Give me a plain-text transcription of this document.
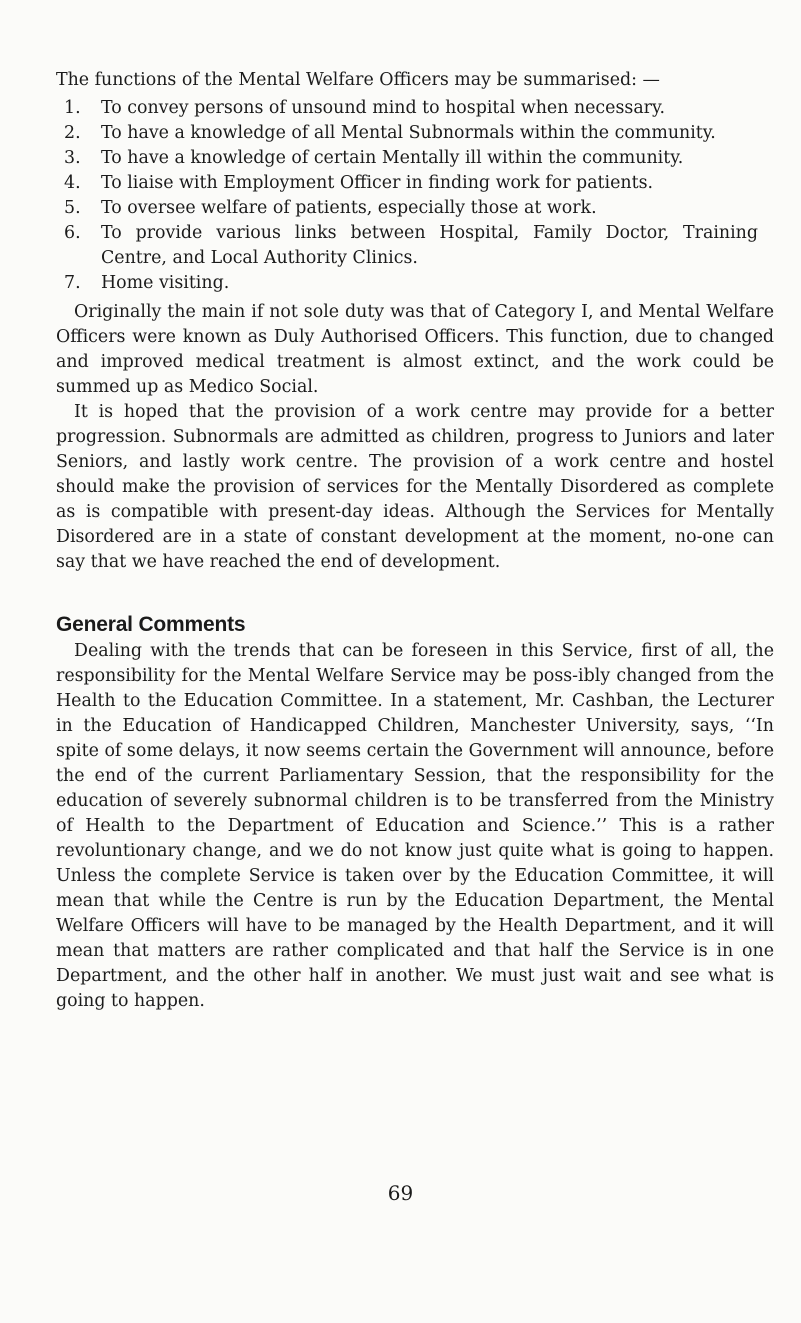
The functions of the Mental Welfare Officers may be summarised: —

1. To convey persons of unsound mind to hospital when necessary.
2. To have a knowledge of all Mental Subnormals within the community.
3. To have a knowledge of certain Mentally ill within the community.
4. To liaise with Employment Officer in finding work for patients.
5. To oversee welfare of patients, especially those at work.
6. To provide various links between Hospital, Family Doctor, Training Centre, and Local Authority Clinics.
7. Home visiting.

Originally the main if not sole duty was that of Category I, and Mental Welfare Officers were known as Duly Authorised Officers. This function, due to changed and improved medical treatment is almost extinct, and the work could be summed up as Medico Social.

It is hoped that the provision of a work centre may provide for a better progression. Subnormals are admitted as children, progress to Juniors and later Seniors, and lastly work centre. The provision of a work centre and hostel should make the provision of services for the Mentally Disordered as complete as is compatible with present-day ideas. Although the Services for Mentally Disordered are in a state of constant development at the moment, no-one can say that we have reached the end of development.

General Comments

Dealing with the trends that can be foreseen in this Service, first of all, the responsibility for the Mental Welfare Service may be poss-ibly changed from the Health to the Education Committee. In a statement, Mr. Cashban, the Lecturer in the Education of Handicapped Children, Manchester University, says, ‘‘In spite of some delays, it now seems certain the Government will announce, before the end of the current Parliamentary Session, that the responsibility for the education of severely subnormal children is to be transferred from the Ministry of Health to the Department of Education and Science.’’ This is a rather revoluntionary change, and we do not know just quite what is going to happen. Unless the complete Service is taken over by the Education Committee, it will mean that while the Centre is run by the Education Department, the Mental Welfare Officers will have to be managed by the Health Department, and it will mean that matters are rather complicated and that half the Service is in one Department, and the other half in another. We must just wait and see what is going to happen.

69
